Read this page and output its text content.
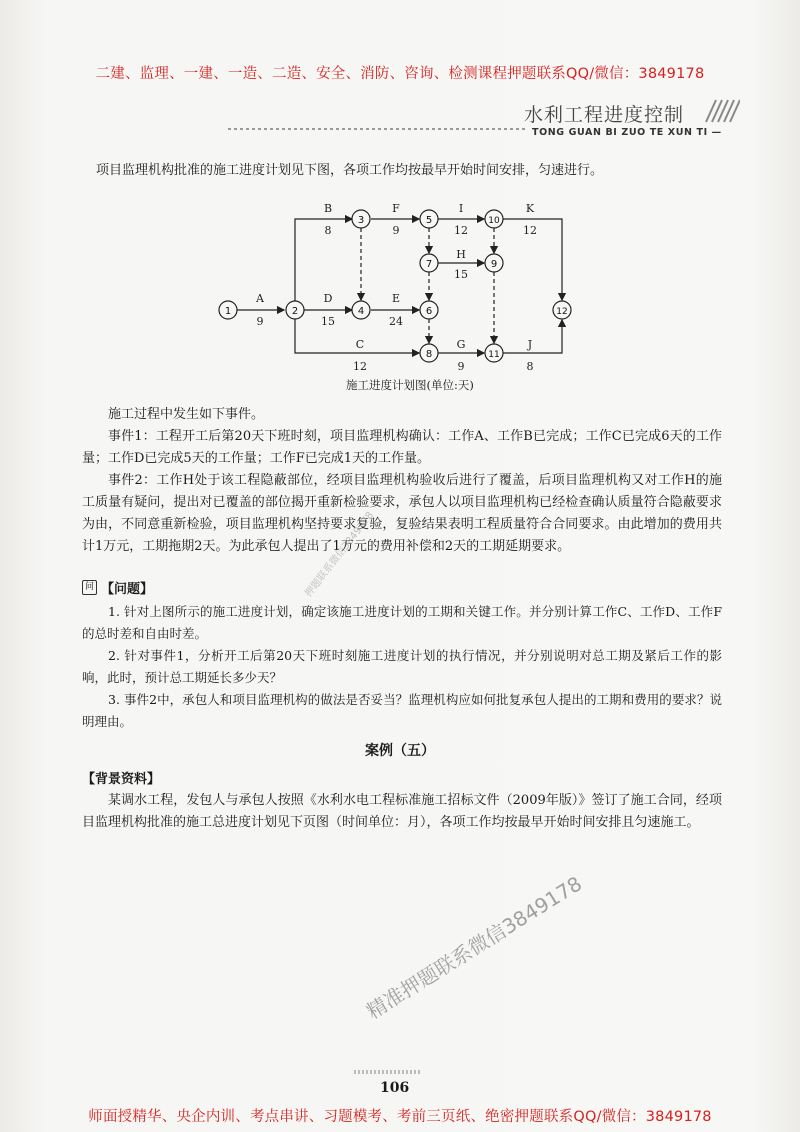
二建、监理、一建、一造、二造、安全、消防、咨询、检测课程押题联系QQ/微信：3849178
水利工程进度控制
TONG GUAN BI ZUO TE XUN TI —
项目监理机构批准的施工进度计划见下图，各项工作均按最早开始时间安排，匀速进行。
A
9
B
8
C
12
D
15
E
24
F
9
G
9
H
15
I
12
J
8
K
12
1	2
3
4
5
6
7
8
9
10
11
12
施工进度计划图(单位:天)
施工过程中发生如下事件。
事件1：工程开工后第20天下班时刻，项目监理机构确认：工作A、工作B已完成；工作C已完成6天的工作量；工作D已完成5天的工作量；工作F已完成1天的工作量。
事件2：工作H处于该工程隐蔽部位，经项目监理机构验收后进行了覆盖，后项目监理机构又对工作H的施工质量有疑问，提出对已覆盖的部位揭开重新检验要求，承包人以项目监理机构已经检查确认质量符合隐蔽要求为由，不同意重新检验，项目监理机构坚持要求复验，复验结果表明工程质量符合合同要求。由此增加的费用共计1万元，工期拖期2天。为此承包人提出了1万元的费用补偿和2天的工期延期要求。
问 【问题】
1. 针对上图所示的施工进度计划，确定该施工进度计划的工期和关键工作。并分别计算工作C、工作D、工作F的总时差和自由时差。
2. 针对事件1，分析开工后第20天下班时刻施工进度计划的执行情况，并分别说明对总工期及紧后工作的影响，此时，预计总工期延长多少天？
3. 事件2中，承包人和项目监理机构的做法是否妥当？监理机构应如何批复承包人提出的工期和费用的要求？说明理由。
案例（五）
【背景资料】
某调水工程，发包人与承包人按照《水利水电工程标准施工招标文件（2009年版）》签订了施工合同，经项目监理机构批准的施工总进度计划见下页图（时间单位：月），各项工作均按最早开始时间安排且匀速施工。
押题联系微信3849178
精准押题联系微信3849178
106
师面授精华、央企内训、考点串讲、习题模考、考前三页纸、绝密押题联系QQ/微信：3849178
